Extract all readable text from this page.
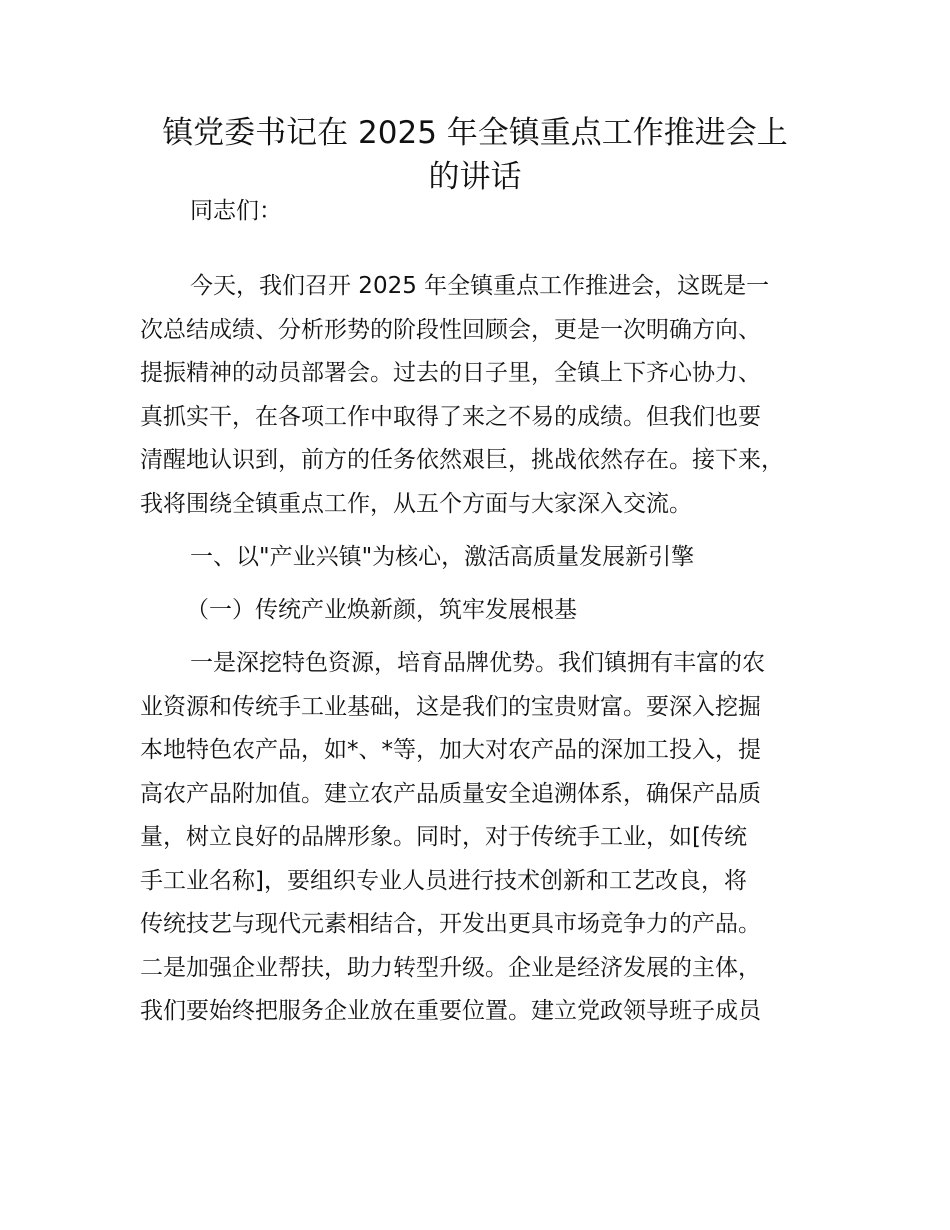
镇党委书记在 2025 年全镇重点工作推进会上
的讲话

同志们：

今天，我们召开 2025 年全镇重点工作推进会，这既是一
次总结成绩、分析形势的阶段性回顾会，更是一次明确方向、
提振精神的动员部署会。过去的日子里，全镇上下齐心协力、
真抓实干，在各项工作中取得了来之不易的成绩。但我们也要
清醒地认识到，前方的任务依然艰巨，挑战依然存在。接下来，
我将围绕全镇重点工作，从五个方面与大家深入交流。

一、以"产业兴镇"为核心，激活高质量发展新引擎

（一）传统产业焕新颜，筑牢发展根基

一是深挖特色资源，培育品牌优势。我们镇拥有丰富的农
业资源和传统手工业基础，这是我们的宝贵财富。要深入挖掘
本地特色农产品，如*、*等，加大对农产品的深加工投入，提
高农产品附加值。建立农产品质量安全追溯体系，确保产品质
量，树立良好的品牌形象。同时，对于传统手工业，如[传统
手工业名称]，要组织专业人员进行技术创新和工艺改良，将
传统技艺与现代元素相结合，开发出更具市场竞争力的产品。
二是加强企业帮扶，助力转型升级。企业是经济发展的主体，
我们要始终把服务企业放在重要位置。建立党政领导班子成员
